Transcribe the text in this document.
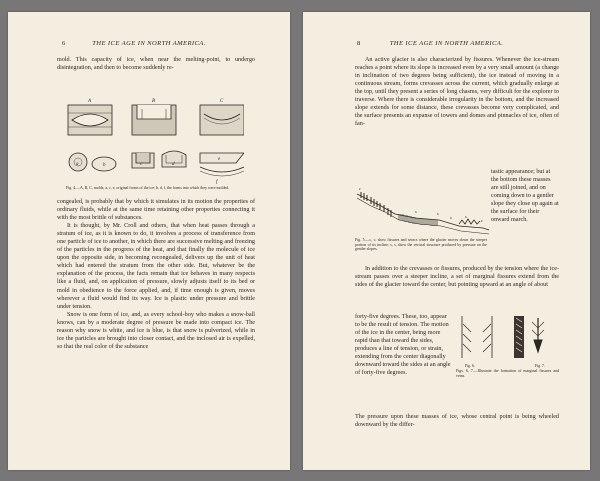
6	THE ICE AGE IN NORTH AMERICA.

mold. This capacity of ice, when near the melting-point, to undergo disintegration, and then to become suddenly re-

A	B	C
a	b	c	d
e
f
Fig. 4.—A, B, C, molds; a, c, e, original forms of the ice; b, d, f, the forms into which they were molded.

congealed, is probably that by which it simulates in its motion the properties of ordinary fluids, while at the same time retaining other properties connecting it with the most brittle of substances.

It is thought, by Mr. Croll and others, that when heat passes through a stratum of ice, as it is known to do, it involves a process of transference from one particle of ice to another, in which there are successive melting and freezing of the particles in the progress of the heat, and that finally the molecule of ice upon the opposite side, in becoming recongealed, delivers up the unit of heat which had entered the stratum from the other side. But, whatever be the explanation of the process, the facts remain that ice behaves in many respects like a fluid, and, on application of pressure, slowly adjusts itself to its bed or mold in obedience to the force applied, and, if time enough is given, moves wherever a fluid would find its way. Ice is plastic under pressure and brittle under tension.

Snow is one form of ice, and, as every school-boy who makes a snow-ball knows, can by a moderate degree of pressure be made into compact ice. The reason why snow is white, and ice is blue, is that snow is pulverized, while in ice the particles are brought into closer contact, and the inclosed air is expelled, so that the real color of the substance

8	THE ICE AGE IN NORTH AMERICA.

An active glacier is also characterized by fissures. Whenever the ice-stream reaches a point where its slope is increased even by a very small amount (a change in inclination of two degrees being sufficient), the ice instead of moving in a continuous stream, forms crevasses across the current, which gradually enlarge at the top, until they present a series of long chasms, very difficult for the explorer to traverse. Where there is considerable irregularity in the bottom, and the increased slope extends for some distance, these crevasses become very complicated, and the surface presents an expanse of towers and domes and pinnacles of ice, often of fan-

tastic appearance; but at the bottom these masses are still joined, and on coming down to a gentler slope they close up again at the surface for their onward march.
c
s	s
s	s
c
Fig. 5.—c, c, show fissures and seracs where the glacier moves down the steeper portion of its incline; s, s, show the vertical structure produced by pressure on the gentler slopes.

In addition to the crevasses or fissures, produced by the tension where the ice-stream passes over a steeper incline, a set of marginal fissures extend from the sides of the glacier toward the center, but pointing upward at an angle of about

forty-five degrees. These, too, appear to be the result of tension. The motion of the ice in the center, being more rapid than that toward the sides, produces a line of tension, or strain, extending from the center diagonally downward toward the sides at an angle of forty-five degrees.
Fig. 6.	Fig. 7.
Figs. 6, 7.—Illustrate the formation of marginal fissures and veins.

The pressure upon these masses of ice, whose central point is being wheeled downward by the differ-
